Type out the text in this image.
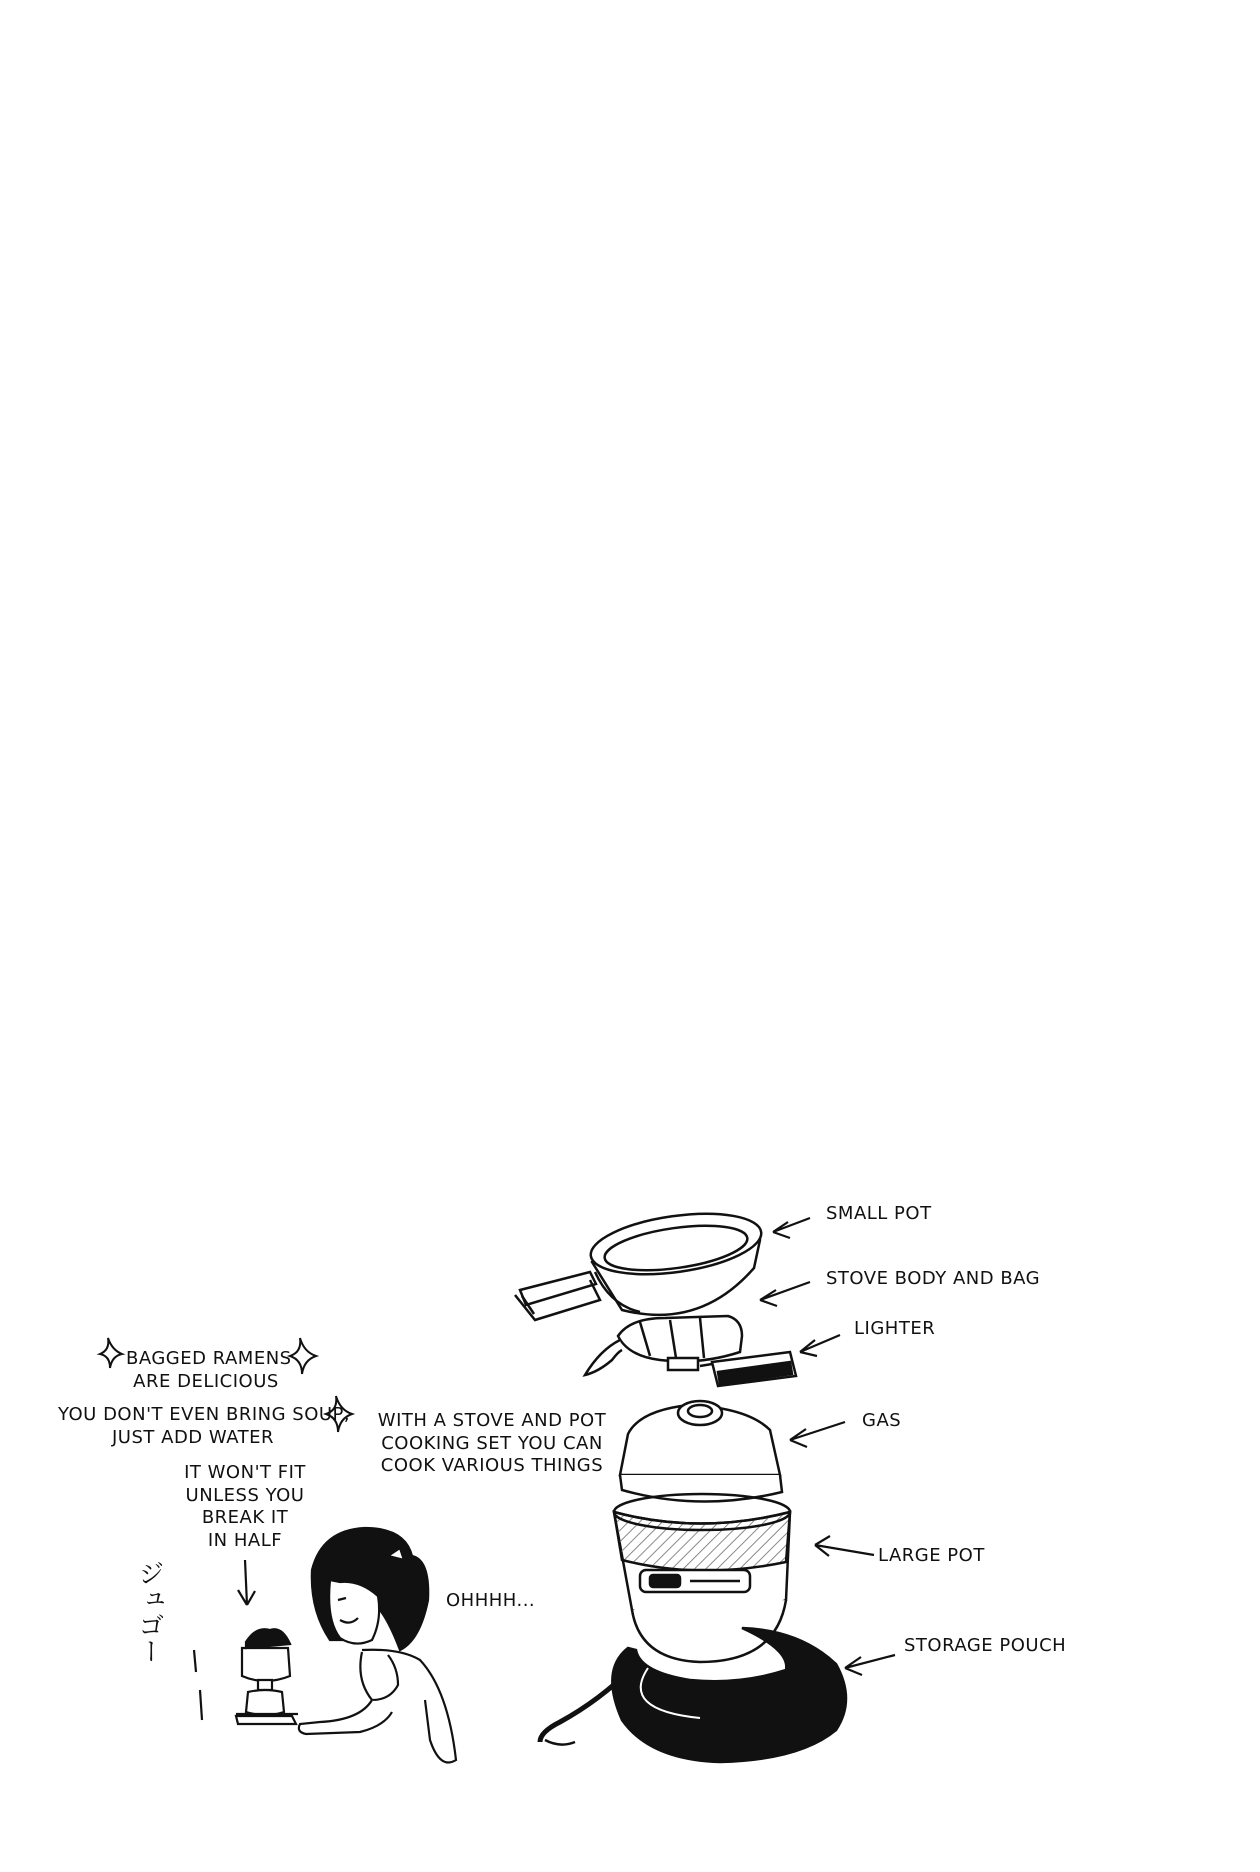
BAGGED RAMENS
ARE DELICIOUS
YOU DON'T EVEN BRING SOUP,
JUST ADD WATER
IT WON'T FIT
UNLESS YOU
BREAK IT
IN HALF
ジュゴー	OHHHH...
WITH A STOVE AND POT
COOKING SET YOU CAN
COOK VARIOUS THINGS
SMALL POT
STOVE BODY AND BAG
LIGHTER
GAS
LARGE POT
STORAGE POUCH
